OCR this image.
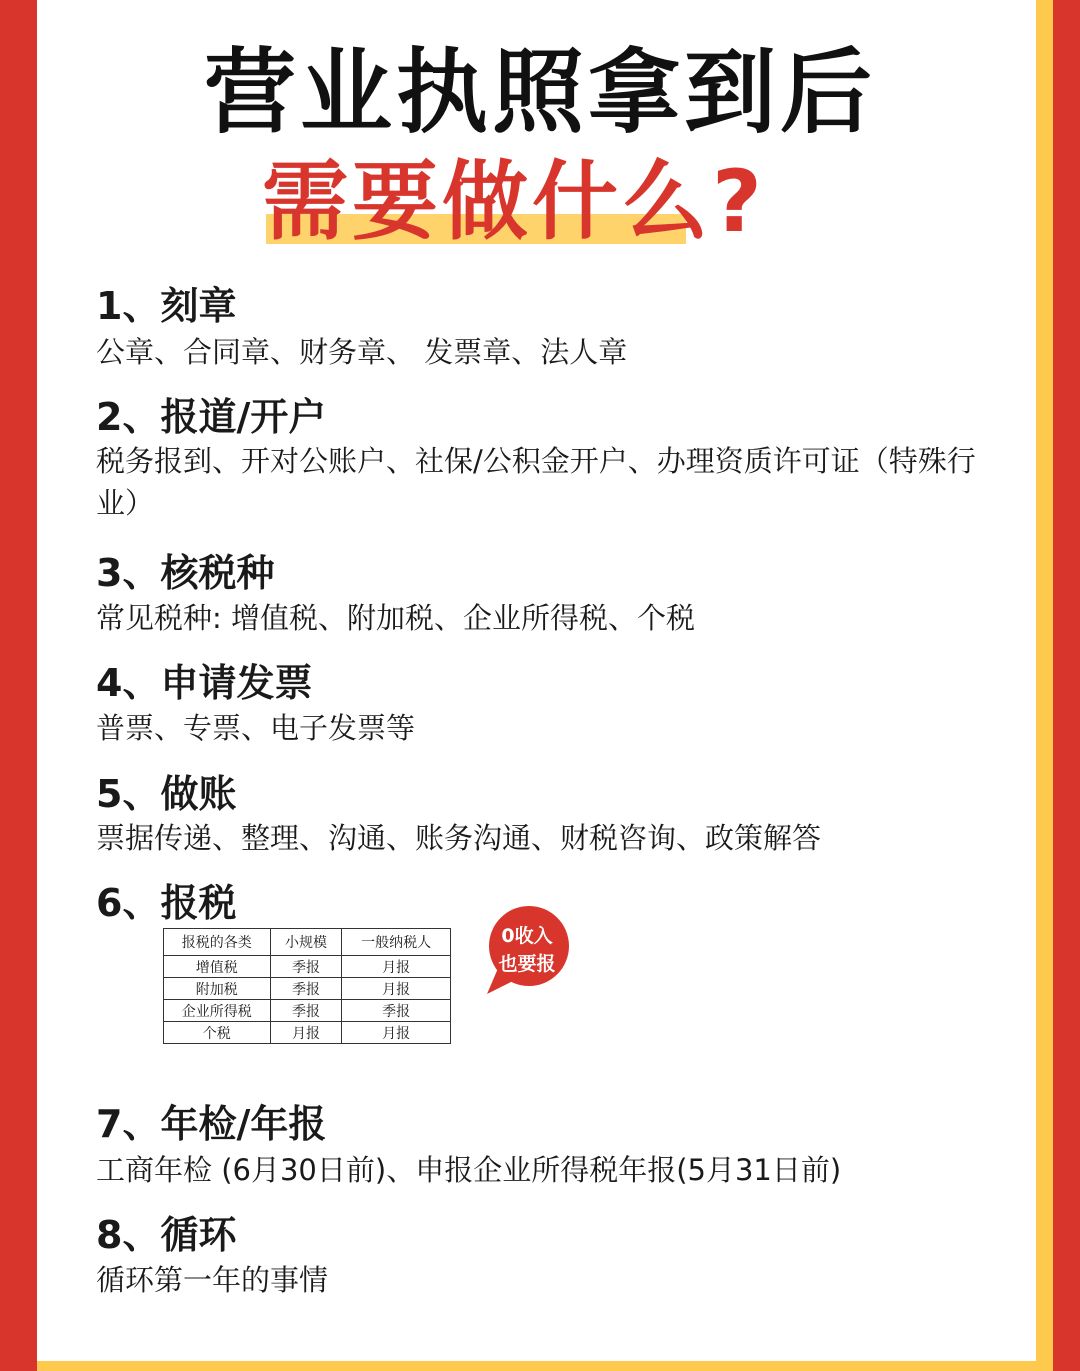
营业执照拿到后
需要做什么?
1、刻章
公章、合同章、财务章、 发票章、法人章
2、报道/开户
税务报到、开对公账户、社保/公积金开户、办理资质许可证（特殊行业）
3、核税种
常见税种: 增值税、附加税、企业所得税、个税
4、申请发票
普票、专票、电子发票等
5、做账
票据传递、整理、沟通、账务沟通、财税咨询、政策解答
6、报税
报税的各类	小规模	一般纳税人
增值税	季报	月报
附加税	季报	月报
企业所得税	季报	季报
个税	月报	月报
0收入
也要报
7、年检/年报
工商年检 (6月30日前)、申报企业所得税年报(5月31日前)
8、循环
循环第一年的事情
